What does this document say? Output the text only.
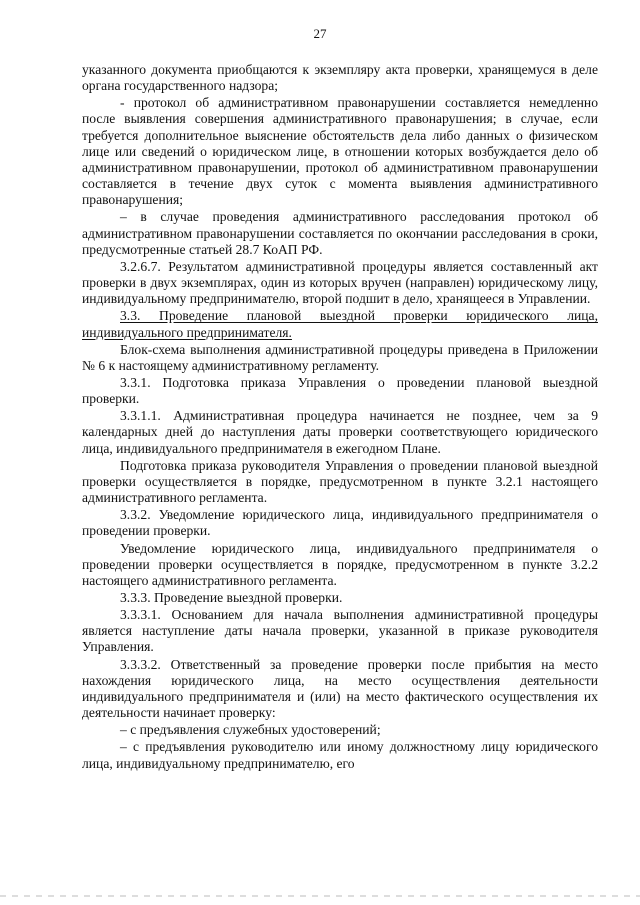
27

указанного документа приобщаются к экземпляру акта проверки, хранящемуся в деле органа государственного надзора;

- протокол об административном правонарушении составляется немедленно после выявления совершения административного правонарушения; в случае, если требуется дополнительное выяснение обстоятельств дела либо данных о физическом лице или сведений о юридическом лице, в отношении которых возбуждается дело об административном правонарушении, протокол об административном правонарушении составляется в течение двух суток с момента выявления административного правонарушения;

– в случае проведения административного расследования протокол об административном правонарушении составляется по окончании расследования в сроки, предусмотренные статьей 28.7 КоАП РФ.

3.2.6.7. Результатом административной процедуры является составленный акт проверки в двух экземплярах, один из которых вручен (направлен) юридическому лицу, индивидуальному предпринимателю, второй подшит в дело, хранящееся в Управлении.

3.3. Проведение плановой выездной проверки юридического лица, индивидуального предпринимателя.

Блок-схема выполнения административной процедуры приведена в Приложении № 6 к настоящему административному регламенту.

3.3.1. Подготовка приказа Управления о проведении плановой выездной проверки.

3.3.1.1. Административная процедура начинается не позднее, чем за 9 календарных дней до наступления даты проверки соответствующего юридического лица, индивидуального предпринимателя в ежегодном Плане.

Подготовка приказа руководителя Управления о проведении плановой выездной проверки осуществляется в порядке, предусмотренном в пункте 3.2.1 настоящего административного регламента.

3.3.2. Уведомление юридического лица, индивидуального предпринимателя о проведении проверки.

Уведомление юридического лица, индивидуального предпринимателя о проведении проверки осуществляется в порядке, предусмотренном в пункте 3.2.2 настоящего административного регламента.

3.3.3. Проведение выездной проверки.

3.3.3.1. Основанием для начала выполнения административной процедуры является наступление даты начала проверки, указанной в приказе руководителя Управления.

3.3.3.2. Ответственный за проведение проверки после прибытия на место нахождения юридического лица, на место осуществления деятельности индивидуального предпринимателя и (или) на место фактического осуществления их деятельности начинает проверку:

– с предъявления служебных удостоверений;

– с предъявления руководителю или иному должностному лицу юридического лица, индивидуальному предпринимателю, его
